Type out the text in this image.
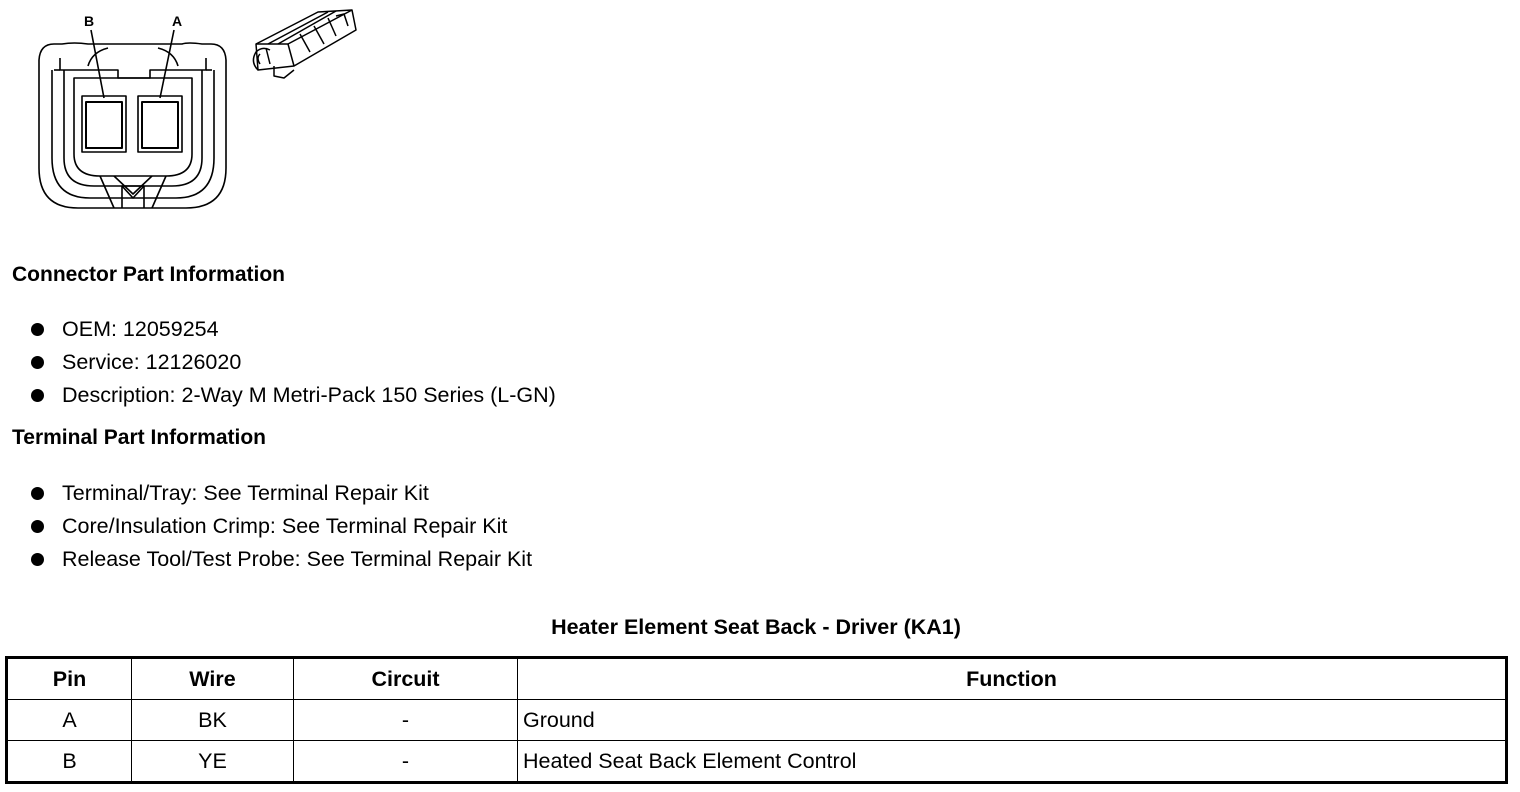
B	A
Connector Part Information
OEM: 12059254
Service: 12126020
Description: 2-Way M Metri-Pack 150 Series (L-GN)
Terminal Part Information
Terminal/Tray: See Terminal Repair Kit
Core/Insulation Crimp: See Terminal Repair Kit
Release Tool/Test Probe: See Terminal Repair Kit
Heater Element Seat Back - Driver (KA1)
Pin	Wire	Circuit	Function
A	BK	-	Ground
B	YE	-	Heated Seat Back Element Control
